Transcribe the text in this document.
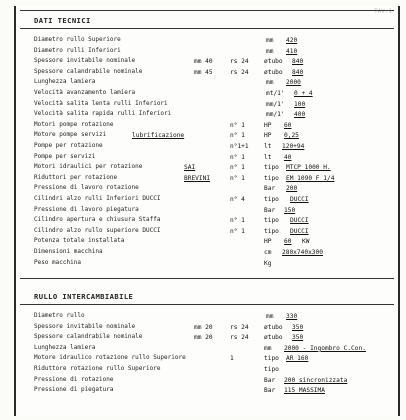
TAV.1
DATI TECNICI
Diametro rullo Superiore	mm 420
Diametro rulli Inferiori	mm 410
Spessore invitabile nominale	mm 40	rs 24 øtubo 840
Spessore calandrabile nominale	mm 45	rs 24 øtubo 840
Lunghezza lamiera	mm 2000
Velocità avanzamento lamiera	mt/1' 0 + 4
Velocità salita lenta rulli Inferiori	mm/1' 100
Velocità salita rapida rulli Inferiori	mm/1' 400
Motori pompe rotazione	n° 1	HP 60
Motore pompe servizi	lubrificazione	n° 1	HP 0,25
Pompe per rotazione	n°1+1 lt 120+94
Pompe per servizi	n° 1	lt 40
Motori idraulici per rotazione	SAI	n° 1	tipo MTCP 1000 H.
Riduttori per rotazione	BREVINI	n° 1	tipo EM 1090 F 1/4
Pressione di lavoro rotazione	Bar 200
Cilindri alzo rulli Inferiori DUCCI	n° 4	tipo DUCCI
Pressione di lavoro piegatura	Bar 150
Cilindro apertura e chiusura Staffa	n° 1	tipo DUCCI
Cilindro alzo rullo superiore DUCCI	n° 1	tipo DUCCI
Potenza totale installata	HP 60 KW
Dimensioni macchina	cm 280x740x300
Peso macchina	Kg
RULLO INTERCAMBIABILE
Diametro rullo	mm 330
Spessore invitabile nominale	mm 20	rs 24 øtubo 350
Spessore calandrabile nominale	mm 20	rs 24 øtubo 350
Lunghezza lamiera	mm 2000 - Ingombro C.Con.
Motore idraulico rotazione rullo Superiore	1	tipo AR 160
Riduttore rotazione rullo Superiore	tipo
Pressione di rotazione	Bar 200 sincronizzata
Pressione di piegatura	Bar 115 MASSIMA
